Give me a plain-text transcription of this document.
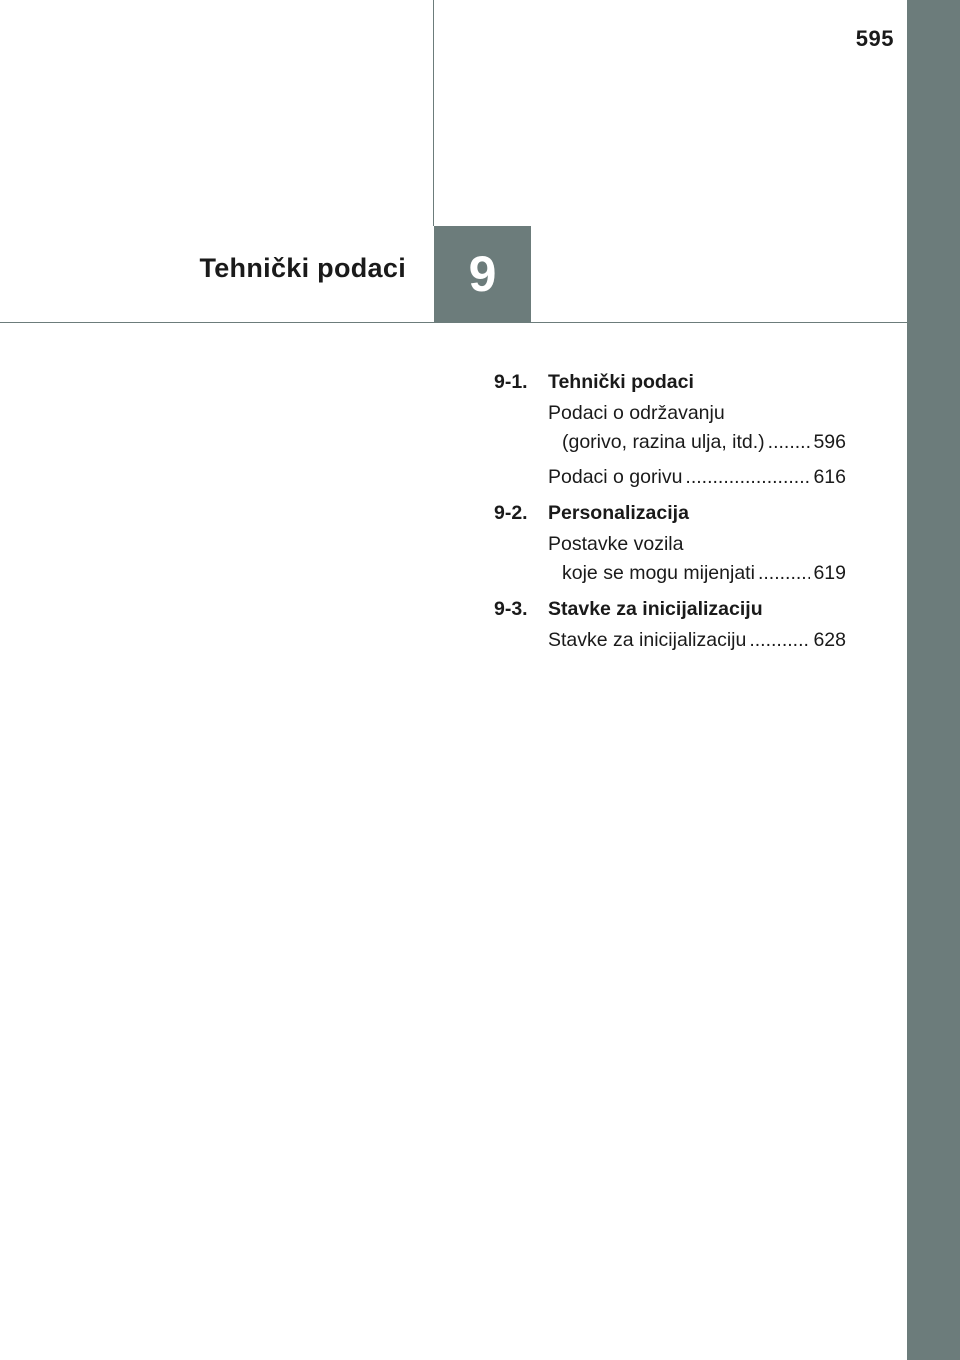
595
Tehnički podaci 9
9-1.	Tehnički podaci
Podaci o održavanju
(gorivo, razina ulja, itd.) .....	596
Podaci o gorivu .....	616
9-2.	Personalizacija
Postavke vozila
koje se mogu mijenjati .....	619
9-3.	Stavke za inicijalizaciju
Stavke za inicijalizaciju .....	628
